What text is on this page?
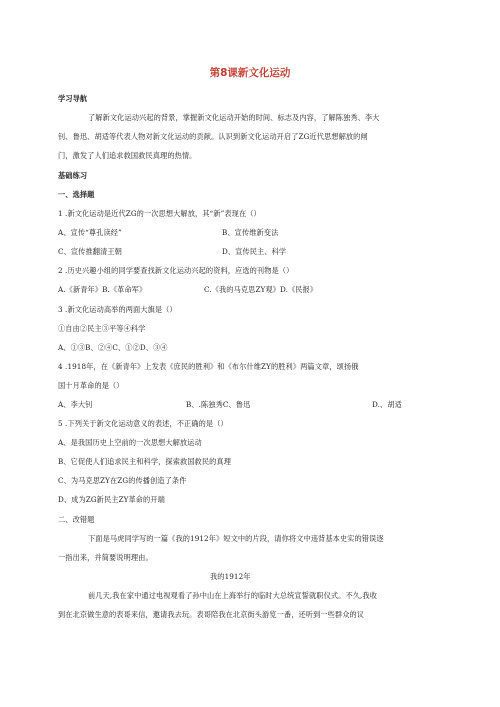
第8课新文化运动
学习导航
了解新文化运动兴起的背景，掌握新文化运动开始的时间、标志及内容，了解陈独秀、李大
钊、鲁迅、胡适等代表人物对新文化运动的贡献。认识到新文化运动开启了ZG近代思想解放的闸
门，激发了人们追求救国救民真理的热情。
基础练习
一、选择题
1 .新文化运动是近代ZG的一次思想大解放，其“新”表现在（）
A、宣传“尊孔读经”	B、宣传维新变法
C、宣传推翻清王朝	D、宣传民主、科学
2 .历史兴趣小组的同学要查找新文化运动兴起的资料，应选的刊物是（）
A.《新青年》B.《革命军》	C.《我的马克思ZY观》D.《民报》
3 .新文化运动高举的两面大旗是（）
①自由②民主③平等④科学
A、①③B、②④C、①②D、③④
4 .1918年，在《新青年》上发表《庶民的胜利》和《布尔什维ZY的胜利》两篇文章，颂扬俄
国十月革命的是（）
A、李大钊	B、.陈独秀C、鲁迅	D.、胡适
5 .下列关于新文化运动意义的表述，不正确的是（）
A、是我国历史上空前的一次思想大解放运动
B、它促使人们追求民主和科学，探索救国救民的真理
C、为马克思ZY在ZG的传播创造了条件
D、成为ZG新民主ZY革命的开端
二、改错题
下面是马虎同学写的一篇《我的1912年》短文中的片段，请你将文中违背基本史实的错误逐
一指出来，并简要说明理由。
我的1912年
前几天,我在家中通过电视观看了孙中山在上海举行的临时大总统宣誓就职仪式。不久,我收
到在北京做生意的表哥来信，邀请我去玩。表哥陪我在北京街头游览一番，还听到一些群众的议
